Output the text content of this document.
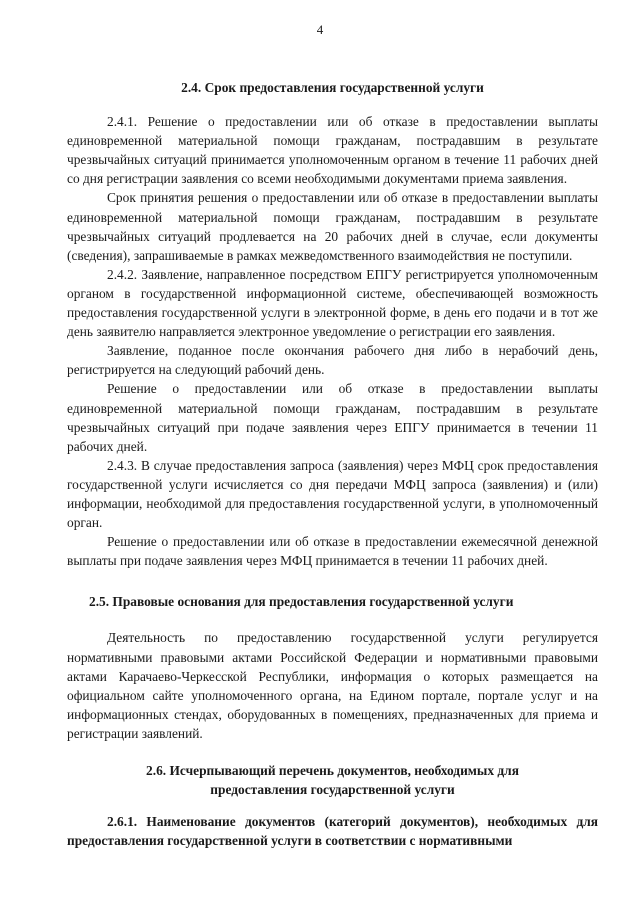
4
2.4. Срок предоставления государственной услуги

2.4.1. Решение о предоставлении или об отказе в предоставлении выплаты единовременной материальной помощи гражданам, пострадавшим в результате чрезвычайных ситуаций принимается уполномоченным органом в течение 11 рабочих дней со дня регистрации заявления со всеми необходимыми документами приема заявления.

Срок принятия решения о предоставлении или об отказе в предоставлении выплаты единовременной материальной помощи гражданам, пострадавшим в результате чрезвычайных ситуаций продлевается на 20 рабочих дней в случае, если документы (сведения), запрашиваемые в рамках межведомственного взаимодействия не поступили.

2.4.2. Заявление, направленное посредством ЕПГУ регистрируется уполномоченным органом в государственной информационной системе, обеспечивающей возможность предоставления государственной услуги в электронной форме, в день его подачи и в тот же день заявителю направляется электронное уведомление о регистрации его заявления.

Заявление, поданное после окончания рабочего дня либо в нерабочий день, регистрируется на следующий рабочий день.

Решение о предоставлении или об отказе в предоставлении выплаты единовременной материальной помощи гражданам, пострадавшим в результате чрезвычайных ситуаций при подаче заявления через ЕПГУ принимается в течении 11 рабочих дней.

2.4.3. В случае предоставления запроса (заявления) через МФЦ срок предоставления государственной услуги исчисляется со дня передачи МФЦ запроса (заявления) и (или) информации, необходимой для предоставления государственной услуги, в уполномоченный орган.

Решение о предоставлении или об отказе в предоставлении ежемесячной денежной выплаты при подаче заявления через МФЦ принимается в течении 11 рабочих дней.

2.5. Правовые основания для предоставления государственной услуги

Деятельность по предоставлению государственной услуги регулируется нормативными правовыми актами Российской Федерации и нормативными правовыми актами Карачаево-Черкесской Республики, информация о которых размещается на официальном сайте уполномоченного органа, на Едином портале, портале услуг и на информационных стендах, оборудованных в помещениях, предназначенных для приема и регистрации заявлений.

2.6. Исчерпывающий перечень документов, необходимых для
предоставления государственной услуги
2.6.1. Наименование документов (категорий документов), необходимых для предоставления государственной услуги в соответствии с нормативными
